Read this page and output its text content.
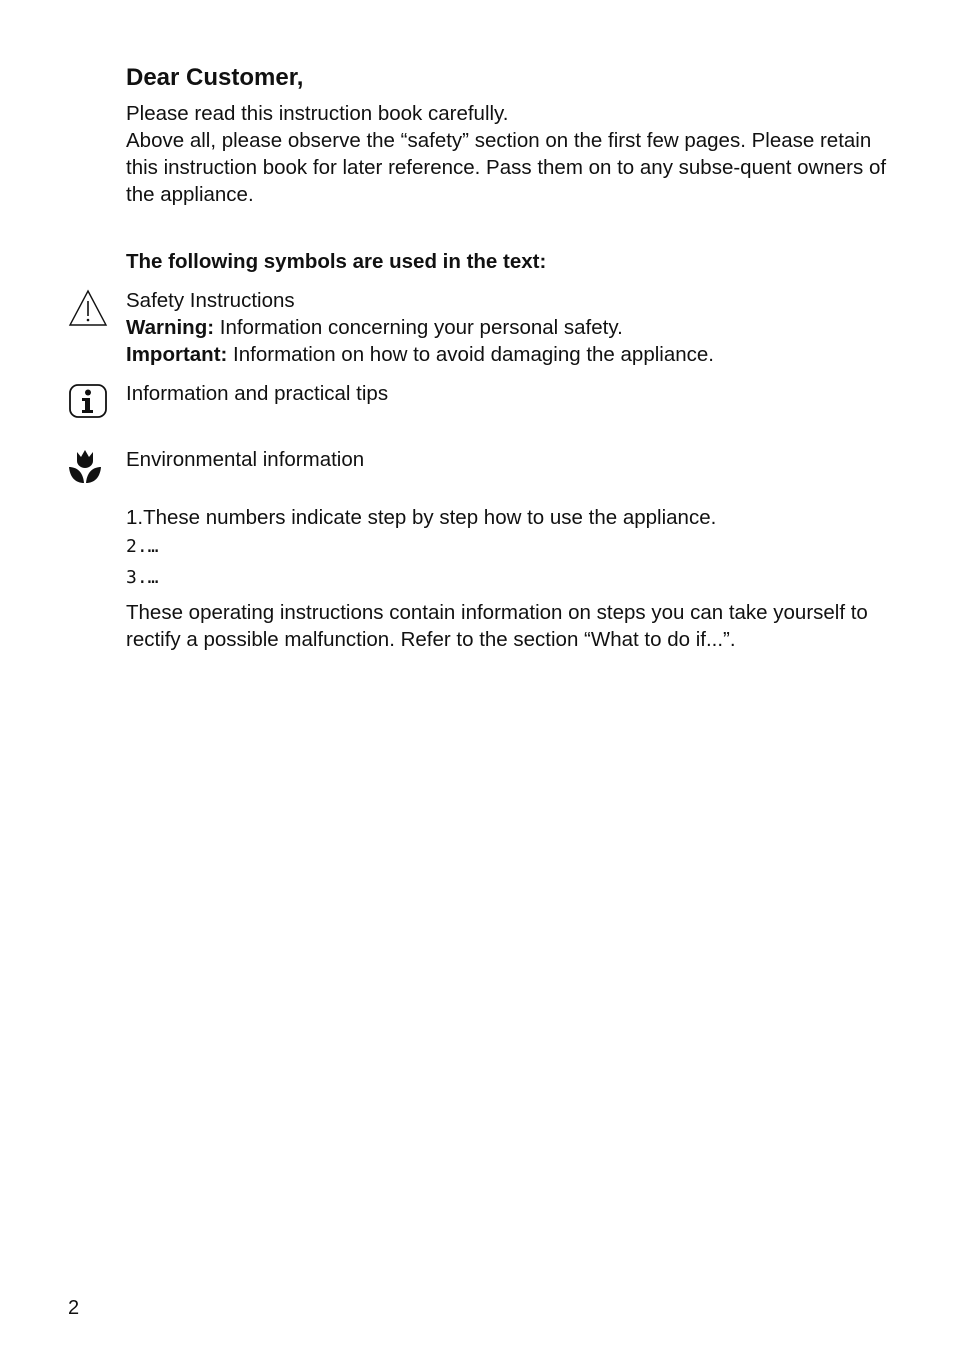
Dear Customer,

Please read this instruction book carefully.

Above all, please observe the “safety” section on the first few pages. Please retain this instruction book for later reference. Pass them on to any subse-quent owners of the appliance.

The following symbols are used in the text:

Safety Instructions

Warning: Information concerning your personal safety.

Important: Information on how to avoid damaging the appliance.

Information and practical tips

Environmental information

1.These numbers indicate step by step how to use the appliance.

2.…
3.…

These operating instructions contain information on steps you can take yourself to rectify a possible malfunction. Refer to the section “What to do if...”.

2
